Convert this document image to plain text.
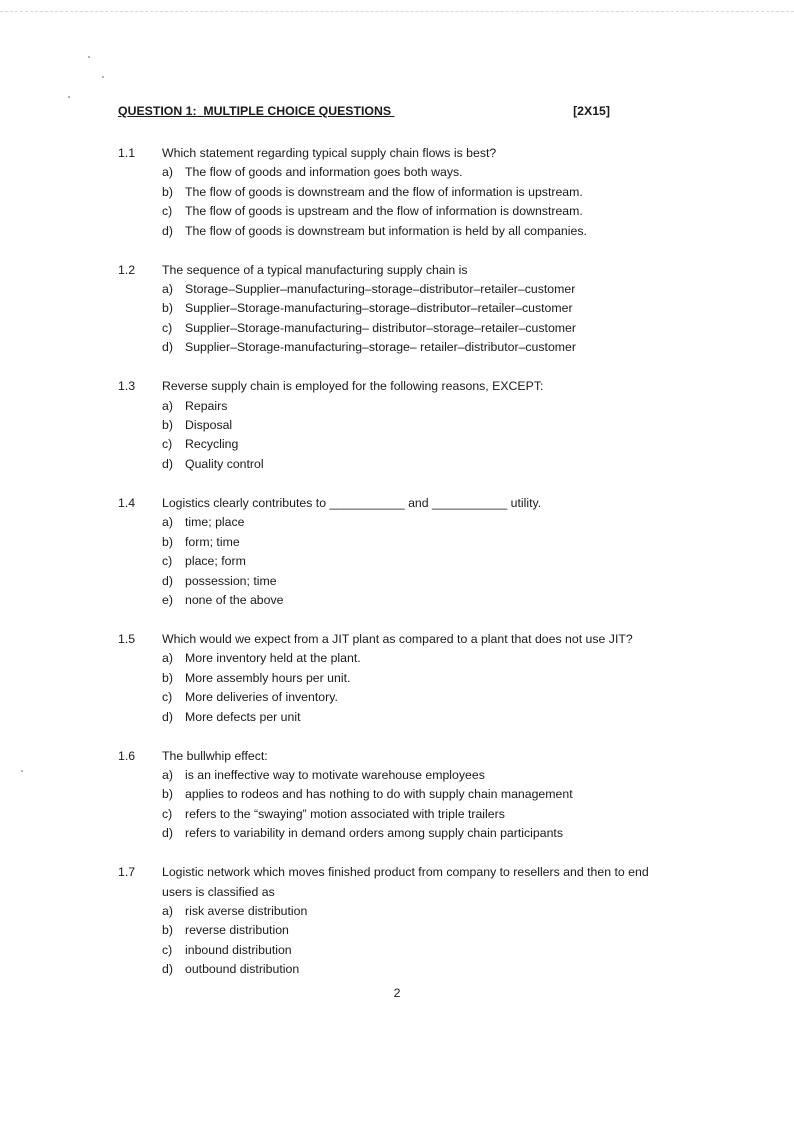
QUESTION 1:  MULTIPLE CHOICE QUESTIONS	[2X15]
1.1	Which statement regarding typical supply chain flows is best?
a) The flow of goods and information goes both ways.
b) The flow of goods is downstream and the flow of information is upstream.
c) The flow of goods is upstream and the flow of information is downstream.
d) The flow of goods is downstream but information is held by all companies.
1.2	The sequence of a typical manufacturing supply chain is
a) Storage–Supplier–manufacturing–storage–distributor–retailer–customer
b) Supplier–Storage-manufacturing–storage–distributor–retailer–customer
c) Supplier–Storage-manufacturing– distributor–storage–retailer–customer
d) Supplier–Storage-manufacturing–storage– retailer–distributor–customer
1.3	Reverse supply chain is employed for the following reasons, EXCEPT:
a) Repairs
b) Disposal
c) Recycling
d) Quality control
1.4	Logistics clearly contributes to ___________ and ___________ utility.
a) time; place
b) form; time
c) place; form
d) possession; time
e) none of the above
1.5	Which would we expect from a JIT plant as compared to a plant that does not use JIT?
a) More inventory held at the plant.
b) More assembly hours per unit.
c) More deliveries of inventory.
d) More defects per unit
1.6	The bullwhip effect:
a) is an ineffective way to motivate warehouse employees
b) applies to rodeos and has nothing to do with supply chain management
c) refers to the “swaying” motion associated with triple trailers
d) refers to variability in demand orders among supply chain participants
1.7	Logistic network which moves finished product from company to resellers and then to end users is classified as
a) risk averse distribution
b) reverse distribution
c) inbound distribution
d) outbound distribution
2
